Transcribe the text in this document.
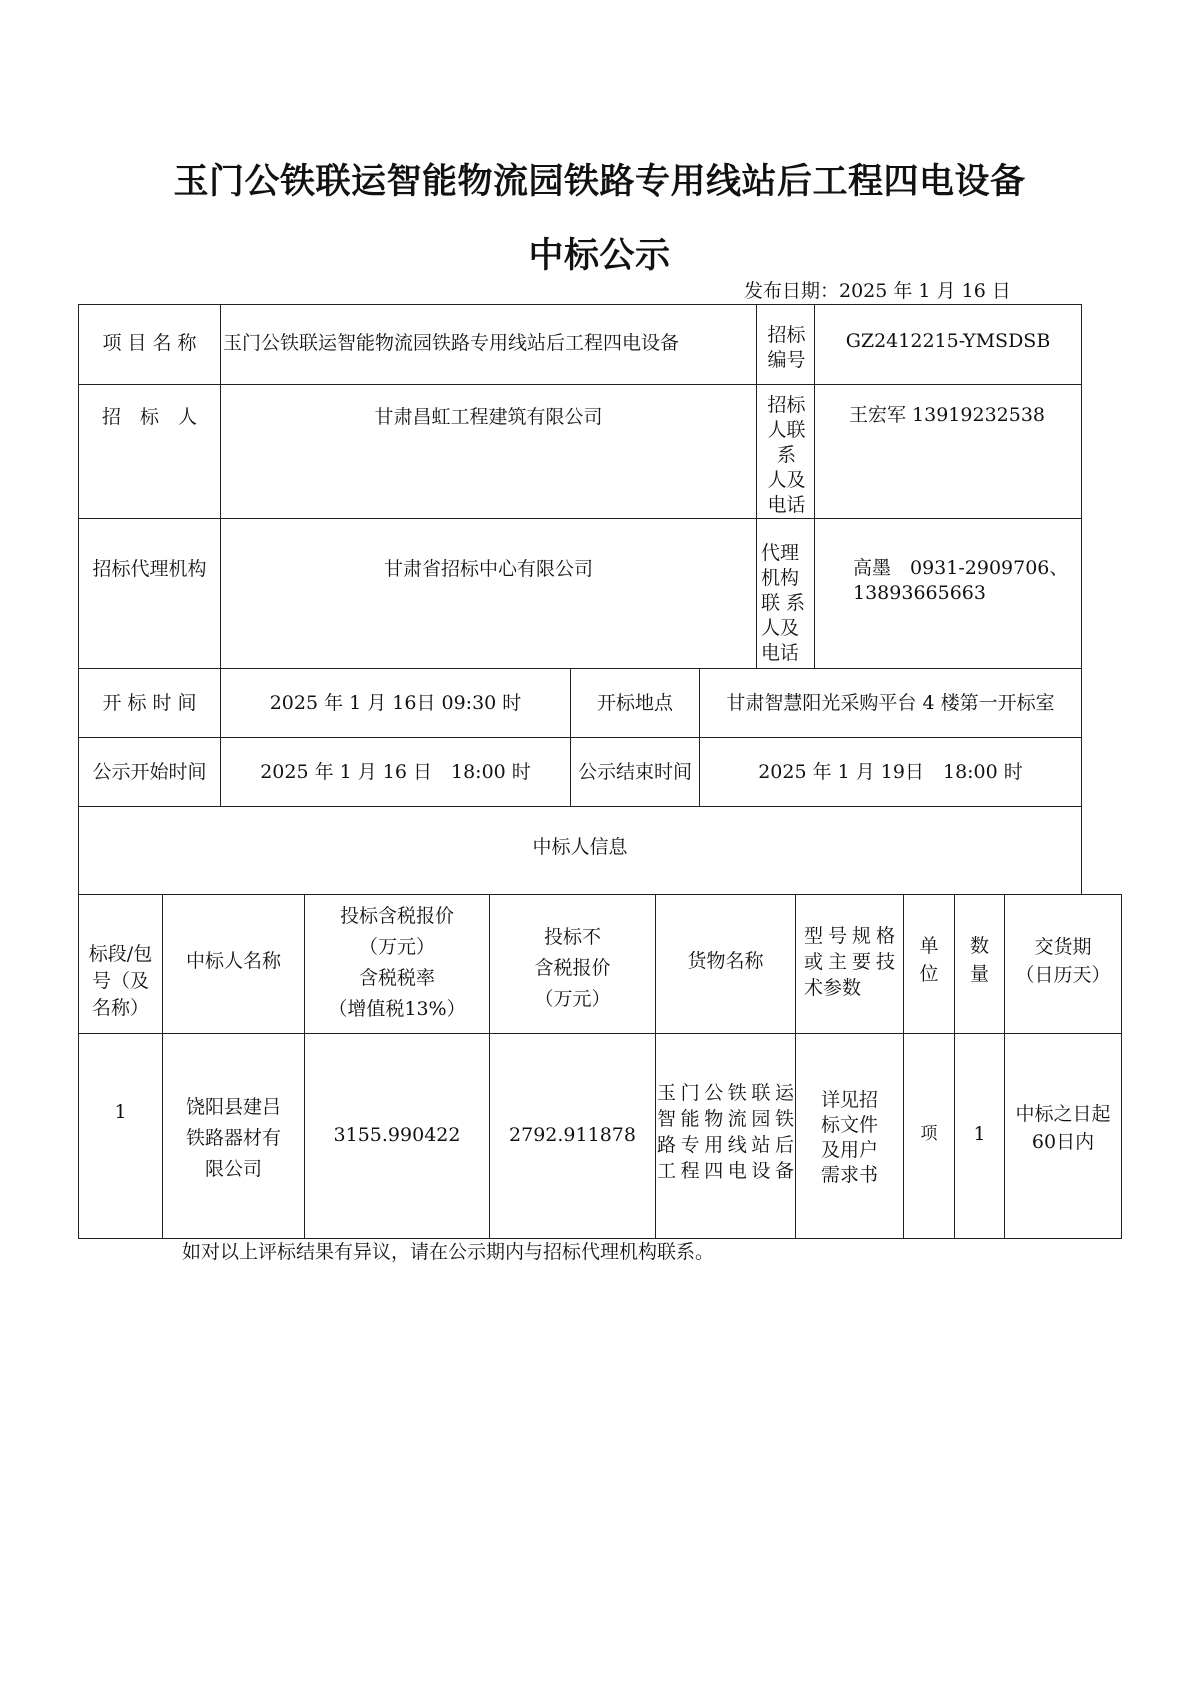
玉门公铁联运智能物流园铁路专用线站后工程四电设备
中标公示
发布日期：2025 年 1 月 16 日
项 目 名 称	玉门公铁联运智能物流园铁路专用线站后工程四电设备			招标
编号	GZ2412215-YMSDSB

招　标　人	甘肃昌虹工程建筑有限公司			招标
人联
系
人及
电话	王宏军 13919232538

招标代理机构	甘肃省招标中心有限公司			代理
机构
联 系
人及
电话	高墨　0931-2909706、
13893665663

开 标 时 间	2025 年 1 月 16日 09:30 时	开标地点	甘肃智慧阳光采购平台 4 楼第一开标室		

公示开始时间	2025 年 1 月 16 日　18:00 时	公示结束时间	2025 年 1 月 19日　18:00 时		

中标人信息					
标段/包
号（及
名称）	中标人名称	投标含税报价
（万元）
含税税率
（增值税13%）	投标不
含税报价
（万元）	货物名称	型号规格
或主要技
术参数	单
位	数
量	交货期
（日历天）

1	饶阳县建吕
铁路器材有
限公司	3155.990422	2792.911878	玉门公铁联运
智能物流园铁
路专用线站后
工程四电设备	详见招
标文件
及用户
需求书	项	1	中标之日起
60日内
如对以上评标结果有异议，请在公示期内与招标代理机构联系。
